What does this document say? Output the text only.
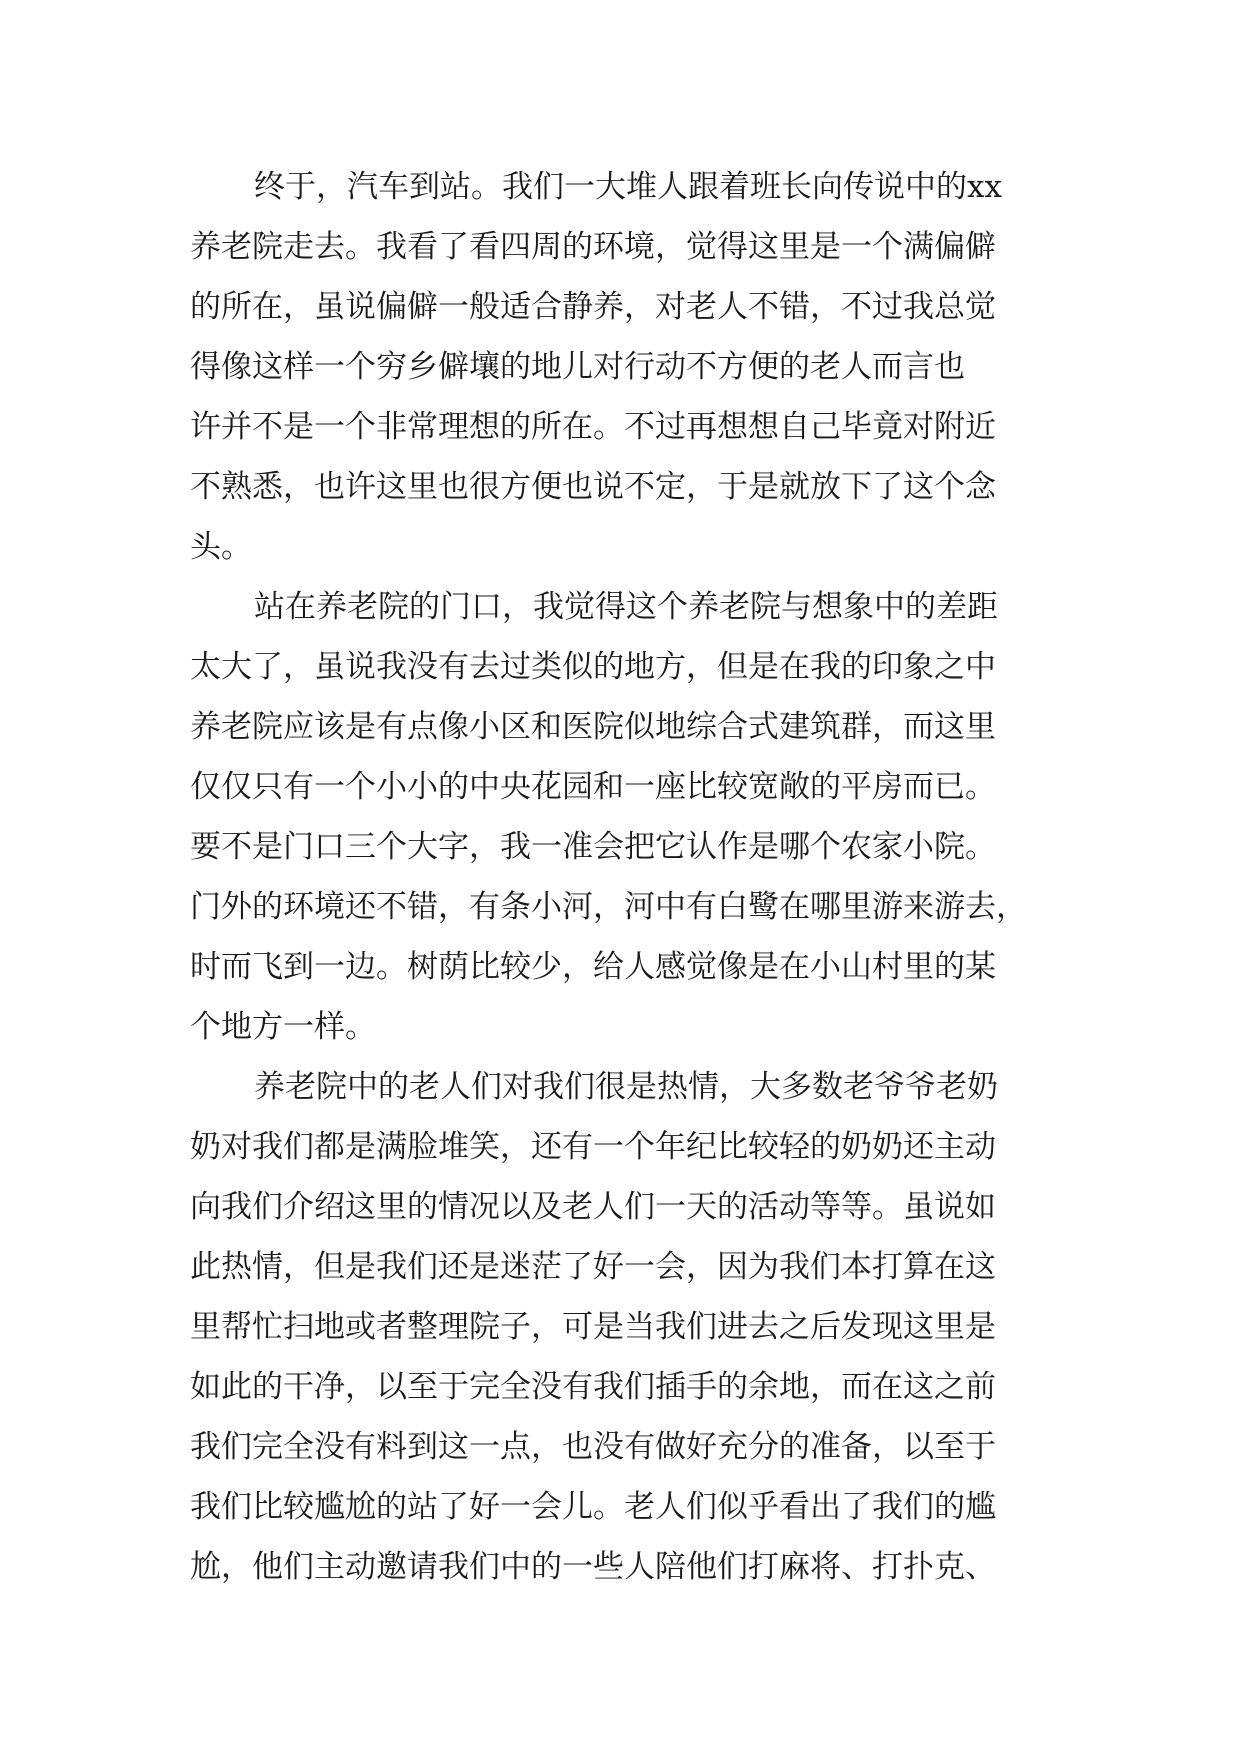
终于，汽车到站。我们一大堆人跟着班长向传说中的xx
养老院走去。我看了看四周的环境，觉得这里是一个满偏僻
的所在，虽说偏僻一般适合静养，对老人不错，不过我总觉
得像这样一个穷乡僻壤的地儿对行动不方便的老人而言也
许并不是一个非常理想的所在。不过再想想自己毕竟对附近
不熟悉，也许这里也很方便也说不定，于是就放下了这个念
头。
站在养老院的门口，我觉得这个养老院与想象中的差距
太大了，虽说我没有去过类似的地方，但是在我的印象之中
养老院应该是有点像小区和医院似地综合式建筑群，而这里
仅仅只有一个小小的中央花园和一座比较宽敞的平房而已。
要不是门口三个大字，我一准会把它认作是哪个农家小院。
门外的环境还不错，有条小河，河中有白鹭在哪里游来游去，
时而飞到一边。树荫比较少，给人感觉像是在小山村里的某
个地方一样。
养老院中的老人们对我们很是热情，大多数老爷爷老奶
奶对我们都是满脸堆笑，还有一个年纪比较轻的奶奶还主动
向我们介绍这里的情况以及老人们一天的活动等等。虽说如
此热情，但是我们还是迷茫了好一会，因为我们本打算在这
里帮忙扫地或者整理院子，可是当我们进去之后发现这里是
如此的干净，以至于完全没有我们插手的余地，而在这之前
我们完全没有料到这一点，也没有做好充分的准备，以至于
我们比较尴尬的站了好一会儿。老人们似乎看出了我们的尴
尬，他们主动邀请我们中的一些人陪他们打麻将、打扑克、
